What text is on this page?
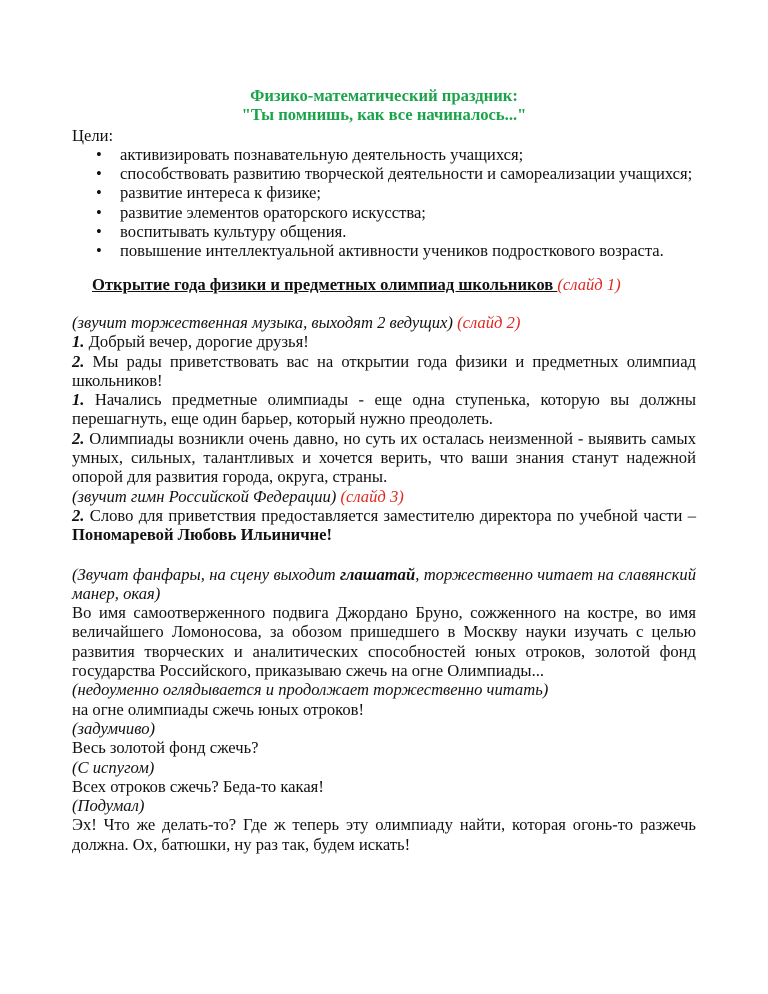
Физико-математический праздник:
"Ты помнишь, как все начиналось..."
Цели:
• активизировать познавательную деятельность учащихся;
• способствовать развитию творческой деятельности и самореализации учащихся;
• развитие интереса к физике;
• развитие элементов ораторского искусства;
• воспитывать культуру общения.
• повышение интеллектуальной активности учеников подросткового возраста.
Открытие года физики и предметных олимпиад школьников (слайд 1)
(звучит торжественная музыка, выходят 2 ведущих) (слайд 2)
1. Добрый вечер, дорогие друзья!
2. Мы рады приветствовать вас на открытии года физики и предметных олимпиад школьников!
1. Начались предметные олимпиады - еще одна ступенька, которую вы должны перешагнуть, еще один барьер, который нужно преодолеть.
2. Олимпиады возникли очень давно, но суть их осталась неизменной - выявить самых умных, сильных, талантливых и хочется верить, что ваши знания станут надежной опорой для развития города, округа, страны.
(звучит гимн Российской Федерации) (слайд 3)
2. Слово для приветствия предоставляется заместителю директора по учебной части – Пономаревой Любовь Ильиничне!
(Звучат фанфары, на сцену выходит глашатай, торжественно читает на славянский манер, окая)
Во имя самоотверженного подвига Джордано Бруно, сожженного на костре, во имя величайшего Ломоносова, за обозом пришедшего в Москву науки изучать с целью развития творческих и аналитических способностей юных отроков, золотой фонд государства Российского, приказываю сжечь на огне Олимпиады...
(недоуменно оглядывается и продолжает торжественно читать)
на огне олимпиады сжечь юных отроков!
(задумчиво)
Весь золотой фонд сжечь?
(С испугом)
Всех отроков сжечь? Беда-то какая!
(Подумал)
Эх! Что же делать-то? Где ж теперь эту олимпиаду найти, которая огонь-то разжечь должна. Ох, батюшки, ну раз так, будем искать!
